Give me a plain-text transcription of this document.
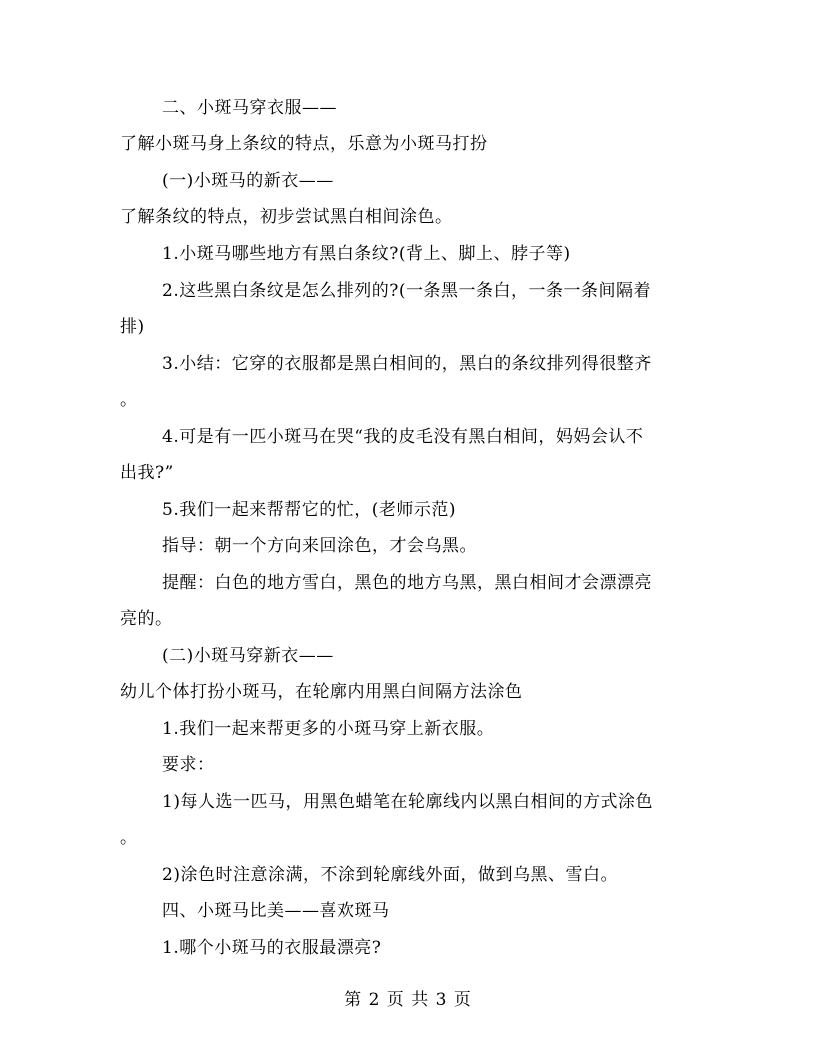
二、小斑马穿衣服——
了解小斑马身上条纹的特点，乐意为小斑马打扮
(一)小斑马的新衣——
了解条纹的特点，初步尝试黑白相间涂色。
1.小斑马哪些地方有黑白条纹?(背上、脚上、脖子等)
2.这些黑白条纹是怎么排列的?(一条黑一条白，一条一条间隔着
排)
3.小结：它穿的衣服都是黑白相间的，黑白的条纹排列得很整齐
。
4.可是有一匹小斑马在哭“我的皮毛没有黑白相间，妈妈会认不
出我?”
5.我们一起来帮帮它的忙，(老师示范)
指导：朝一个方向来回涂色，才会乌黑。
提醒：白色的地方雪白，黑色的地方乌黑，黑白相间才会漂漂亮
亮的。
(二)小斑马穿新衣——
幼儿个体打扮小斑马，在轮廓内用黑白间隔方法涂色
1.我们一起来帮更多的小斑马穿上新衣服。
要求：
1)每人选一匹马，用黑色蜡笔在轮廓线内以黑白相间的方式涂色
。
2)涂色时注意涂满，不涂到轮廓线外面，做到乌黑、雪白。
四、小斑马比美——喜欢斑马
1.哪个小斑马的衣服最漂亮?
第 2 页 共 3 页
